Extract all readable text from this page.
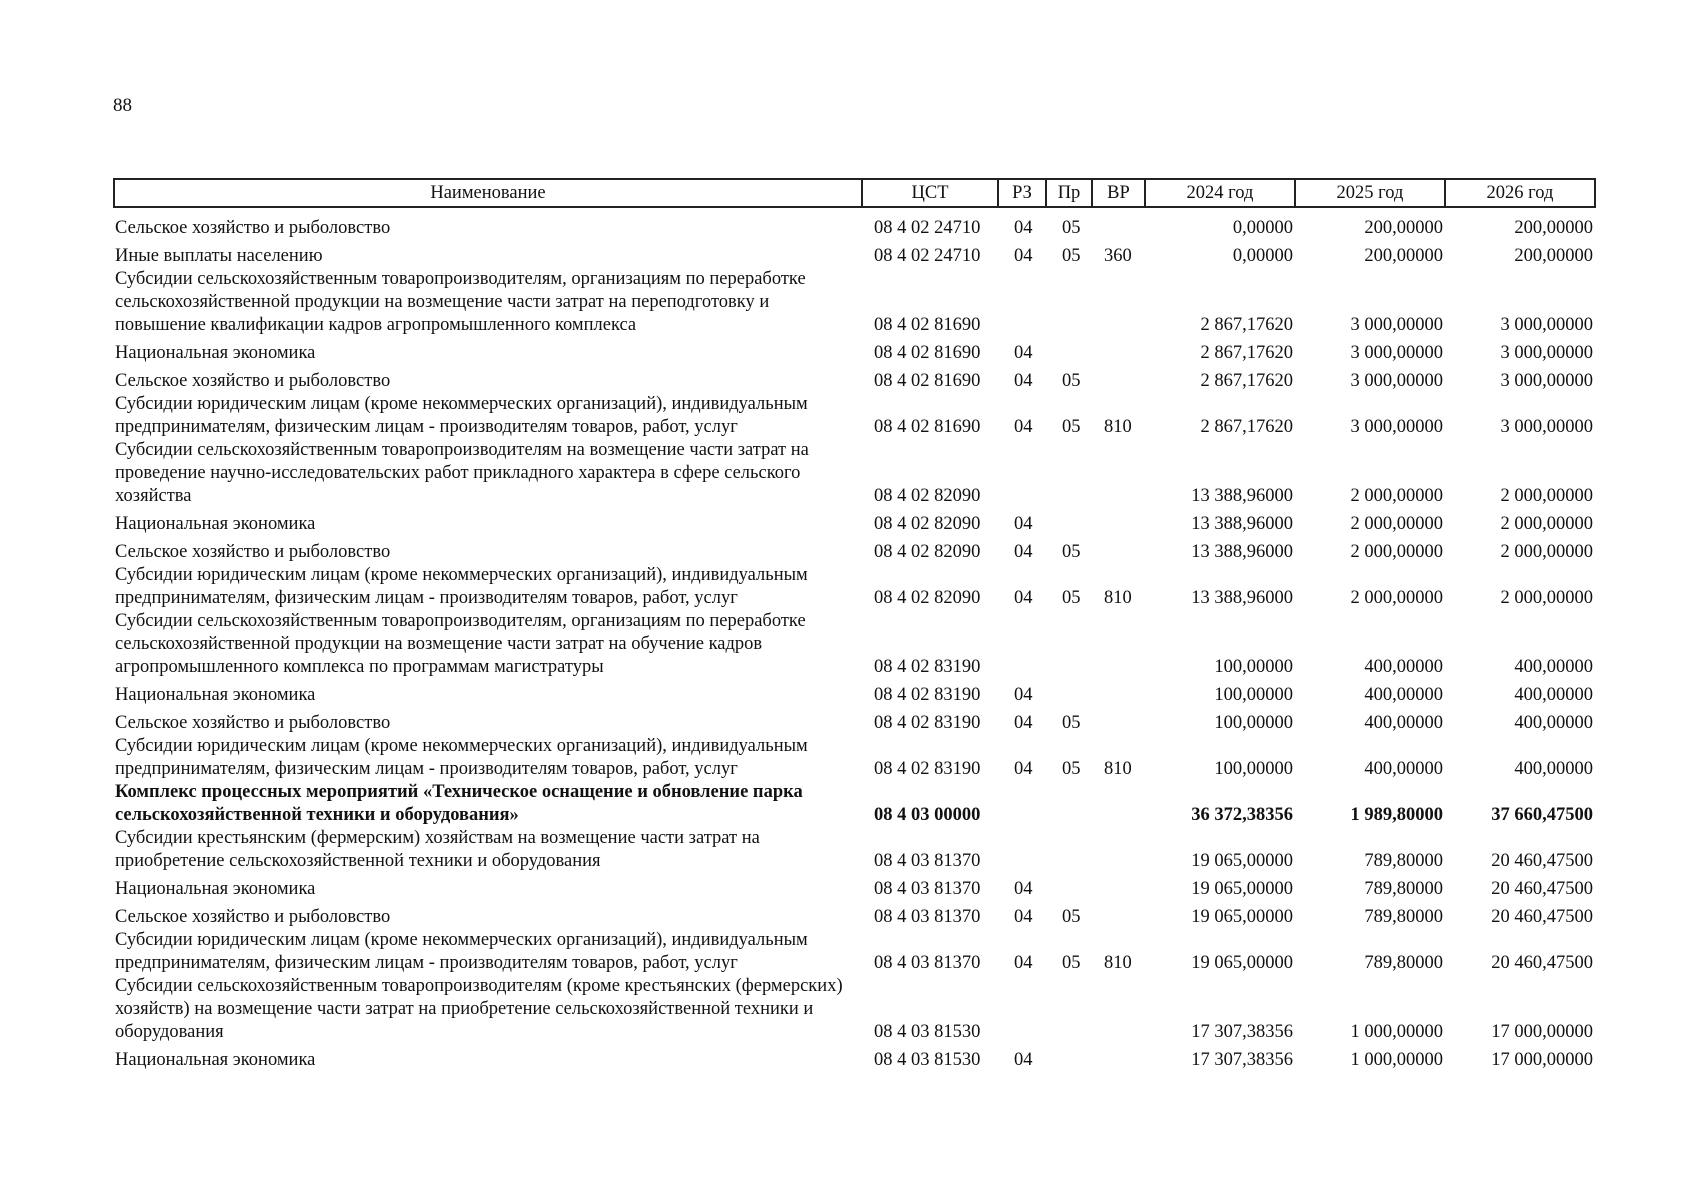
88
Наименование	ЦСТ	РЗ	Пр	ВР	2024 год	2025 год	2026 год
Сельское хозяйство и рыболовство	08 4 02 24710	04	05		0,00000	200,00000	200,00000
Иные выплаты населению	08 4 02 24710	04	05	360	0,00000	200,00000	200,00000
Субсидии сельскохозяйственным товаропроизводителям, организациям по переработке сельскохозяйственной продукции на возмещение части затрат на переподготовку и повышение квалификации кадров агропромышленного комплекса	08 4 02 81690				2 867,17620	3 000,00000	3 000,00000
Национальная экономика	08 4 02 81690	04			2 867,17620	3 000,00000	3 000,00000
Сельское хозяйство и рыболовство	08 4 02 81690	04	05		2 867,17620	3 000,00000	3 000,00000
Субсидии юридическим лицам (кроме некоммерческих организаций), индивидуальным предпринимателям, физическим лицам - производителям товаров, работ, услуг	08 4 02 81690	04	05	810	2 867,17620	3 000,00000	3 000,00000
Субсидии сельскохозяйственным товаропроизводителям на возмещение части затрат на проведение научно-исследовательских работ прикладного характера в сфере сельского хозяйства	08 4 02 82090				13 388,96000	2 000,00000	2 000,00000
Национальная экономика	08 4 02 82090	04			13 388,96000	2 000,00000	2 000,00000
Сельское хозяйство и рыболовство	08 4 02 82090	04	05		13 388,96000	2 000,00000	2 000,00000
Субсидии юридическим лицам (кроме некоммерческих организаций), индивидуальным предпринимателям, физическим лицам - производителям товаров, работ, услуг	08 4 02 82090	04	05	810	13 388,96000	2 000,00000	2 000,00000
Субсидии сельскохозяйственным товаропроизводителям, организациям по переработке сельскохозяйственной продукции на возмещение части затрат на обучение кадров агропромышленного комплекса по программам магистратуры	08 4 02 83190				100,00000	400,00000	400,00000
Национальная экономика	08 4 02 83190	04			100,00000	400,00000	400,00000
Сельское хозяйство и рыболовство	08 4 02 83190	04	05		100,00000	400,00000	400,00000
Субсидии юридическим лицам (кроме некоммерческих организаций), индивидуальным предпринимателям, физическим лицам - производителям товаров, работ, услуг	08 4 02 83190	04	05	810	100,00000	400,00000	400,00000
Комплекс процессных мероприятий «Техническое оснащение и обновление парка сельскохозяйственной техники и оборудования»	08 4 03 00000				36 372,38356	1 989,80000	37 660,47500
Субсидии крестьянским (фермерским) хозяйствам на возмещение части затрат на приобретение сельскохозяйственной техники и оборудования	08 4 03 81370				19 065,00000	789,80000	20 460,47500
Национальная экономика	08 4 03 81370	04			19 065,00000	789,80000	20 460,47500
Сельское хозяйство и рыболовство	08 4 03 81370	04	05		19 065,00000	789,80000	20 460,47500
Субсидии юридическим лицам (кроме некоммерческих организаций), индивидуальным предпринимателям, физическим лицам - производителям товаров, работ, услуг	08 4 03 81370	04	05	810	19 065,00000	789,80000	20 460,47500
Субсидии сельскохозяйственным товаропроизводителям (кроме крестьянских (фермерских) хозяйств) на возмещение части затрат на приобретение сельскохозяйственной техники и оборудования	08 4 03 81530				17 307,38356	1 000,00000	17 000,00000
Национальная экономика	08 4 03 81530	04			17 307,38356	1 000,00000	17 000,00000
